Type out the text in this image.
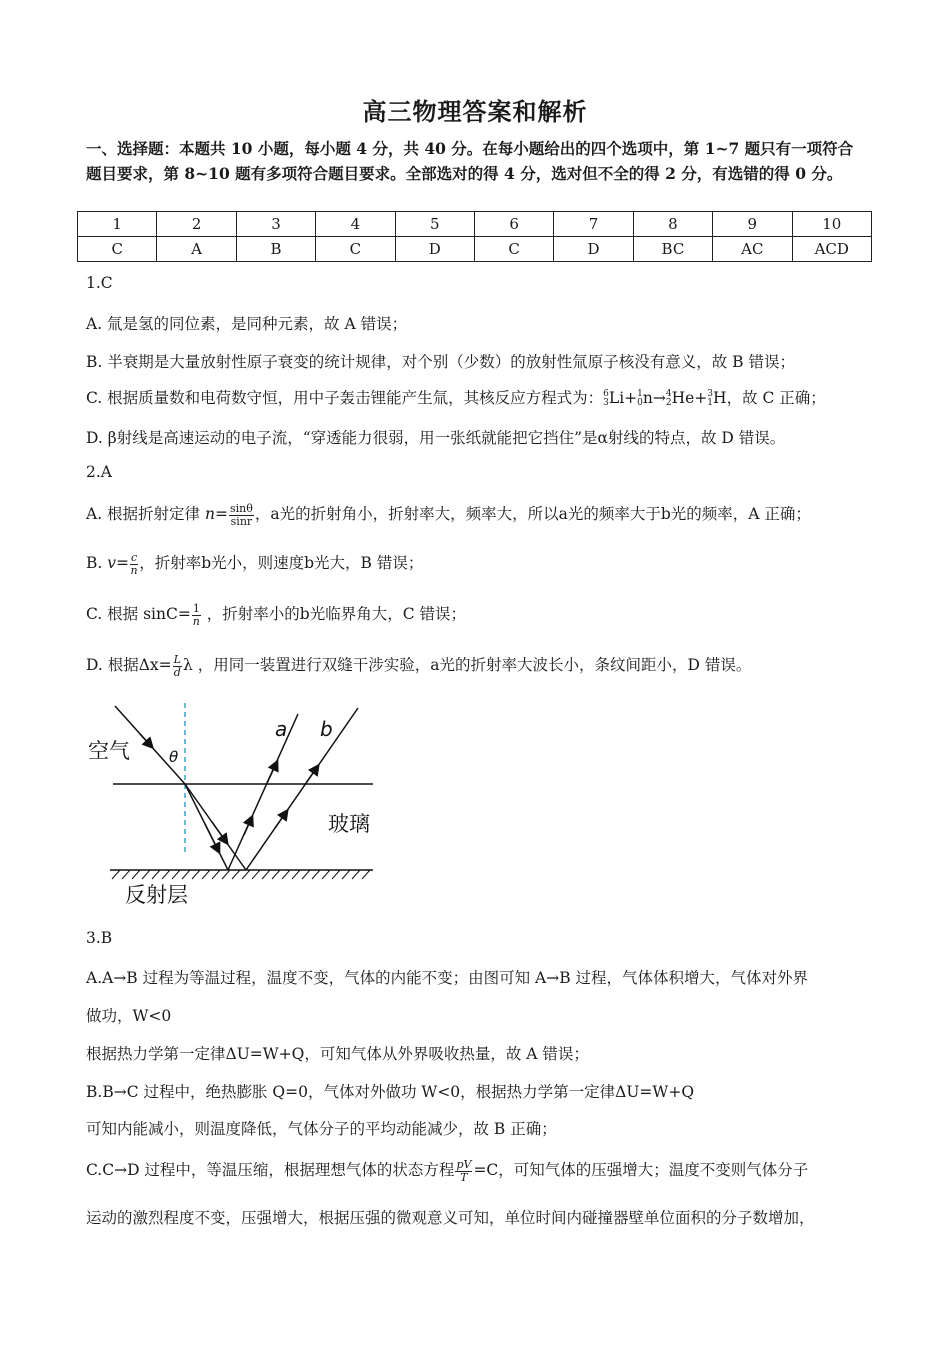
高三物理答案和解析
一、选择题：本题共 10 小题，每小题 4 分，共 40 分。在每小题给出的四个选项中，第 1~7 题只有一项符合题目要求，第 8~10 题有多项符合题目要求。全部选对的得 4 分，选对但不全的得 2 分，有选错的得 0 分。
1	2	3	4	5	6	7	8	9	10
C	A	B	C	D	C	D	BC	AC	ACD
1.C
A. 氚是氢的同位素，是同种元素，故 A 错误；
B. 半衰期是大量放射性原子衰变的统计规律，对个别（少数）的放射性氚原子核没有意义，故 B 错误；
C. 根据质量数和电荷数守恒，用中子轰击锂能产生氚，其核反应方程式为： 6
3 Li+ 1
0 n→ 4
2 He+ 3
1 H，故 C 正确；
D. β射线是高速运动的电子流，“穿透能力很弱，用一张纸就能把它挡住”是α射线的特点，故 D 错误。
2.A
A. 根据折射定律 $n= \frac{\sin\theta}{\sin r}$ ，a光的折射角小，折射率大，频率大，所以a光的频率大于b光的频率，A 正确；
B. $v= \frac{c}{n}$ ，折射率b光小，则速度b光大，B 错误；
C. 根据 $\sin C= \frac{1}{n}$ ，折射率小的b光临界角大，C 错误；
D. 根据$\Delta x= \frac{L}{d}$ λ ，用同一装置进行双缝干涉实验，a光的折射率大波长小，条纹间距小，D 错误。
空气
玻璃
反射层
a b
θ
3.B
A.A→B 过程为等温过程，温度不变，气体的内能不变；由图可知 A→B 过程，气体体积增大，气体对外界
做功，W<0
根据热力学第一定律ΔU=W+Q，可知气体从外界吸收热量，故 A 错误；
B.B→C 过程中，绝热膨胀 Q=0，气体对外做功 W<0，根据热力学第一定律ΔU=W+Q
可知内能减小，则温度降低，气体分子的平均动能减少，故 B 正确；
C.C→D 过程中，等温压缩，根据理想气体的状态方程 $\frac{pV}{T} =C$，可知气体的压强增大；温度不变则气体分子
运动的激烈程度不变，压强增大，根据压强的微观意义可知，单位时间内碰撞器壁单位面积的分子数增加，
